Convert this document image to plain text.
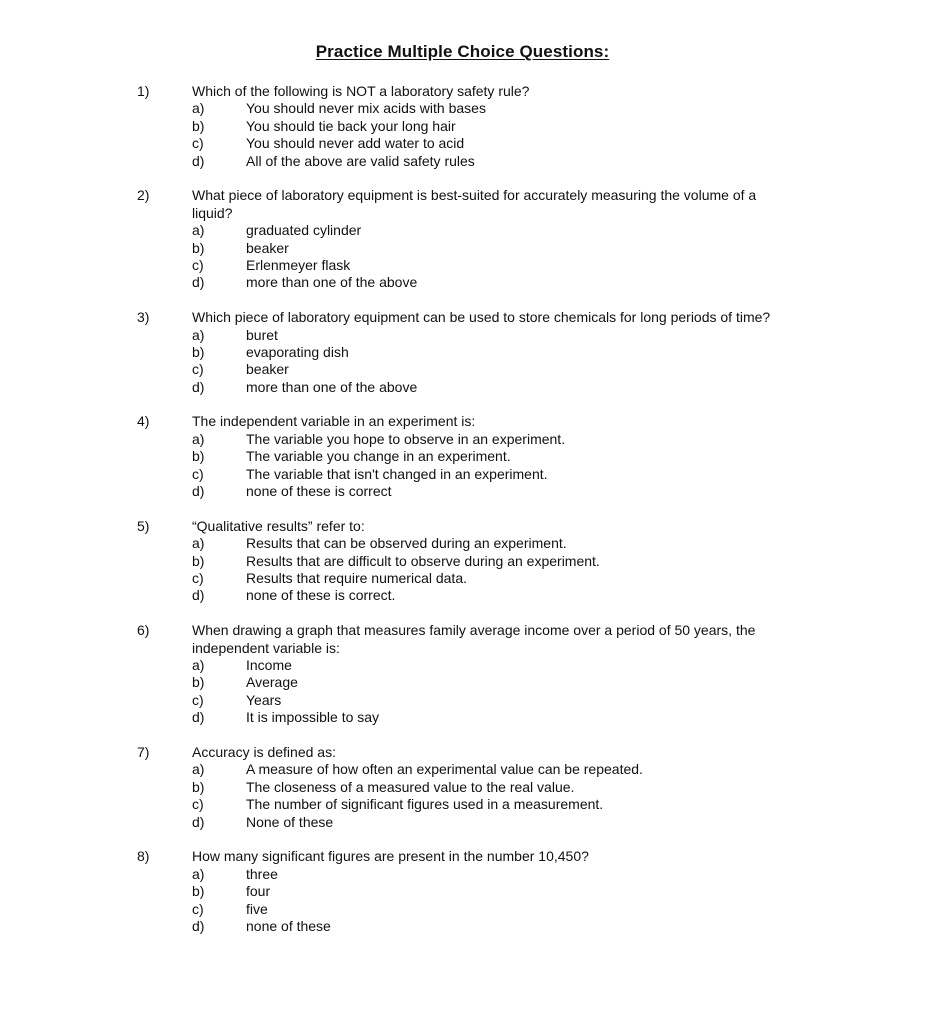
Practice Multiple Choice Questions:
1)	Which of the following is NOT a laboratory safety rule?
a)	You should never mix acids with bases
b)	You should tie back your long hair
c)	You should never add water to acid
d)	All of the above are valid safety rules
2)	What piece of laboratory equipment is best-suited for accurately measuring the volume of a liquid?
a)	graduated cylinder
b)	beaker
c)	Erlenmeyer flask
d)	more than one of the above
3)	Which piece of laboratory equipment can be used to store chemicals for long periods of time?
a)	buret
b)	evaporating dish
c)	beaker
d)	more than one of the above
4)	The independent variable in an experiment is:
a)	The variable you hope to observe in an experiment.
b)	The variable you change in an experiment.
c)	The variable that isn't changed in an experiment.
d)	none of these is correct
5)	“Qualitative results” refer to:
a)	Results that can be observed during an experiment.
b)	Results that are difficult to observe during an experiment.
c)	Results that require numerical data.
d)	none of these is correct.
6)	When drawing a graph that measures family average income over a period of 50 years, the independent variable is:
a)	Income
b)	Average
c)	Years
d)	It is impossible to say
7)	Accuracy is defined as:
a)	A measure of how often an experimental value can be repeated.
b)	The closeness of a measured value to the real value.
c)	The number of significant figures used in a measurement.
d)	None of these
8)	How many significant figures are present in the number 10,450?
a)	three
b)	four
c)	five
d)	none of these
